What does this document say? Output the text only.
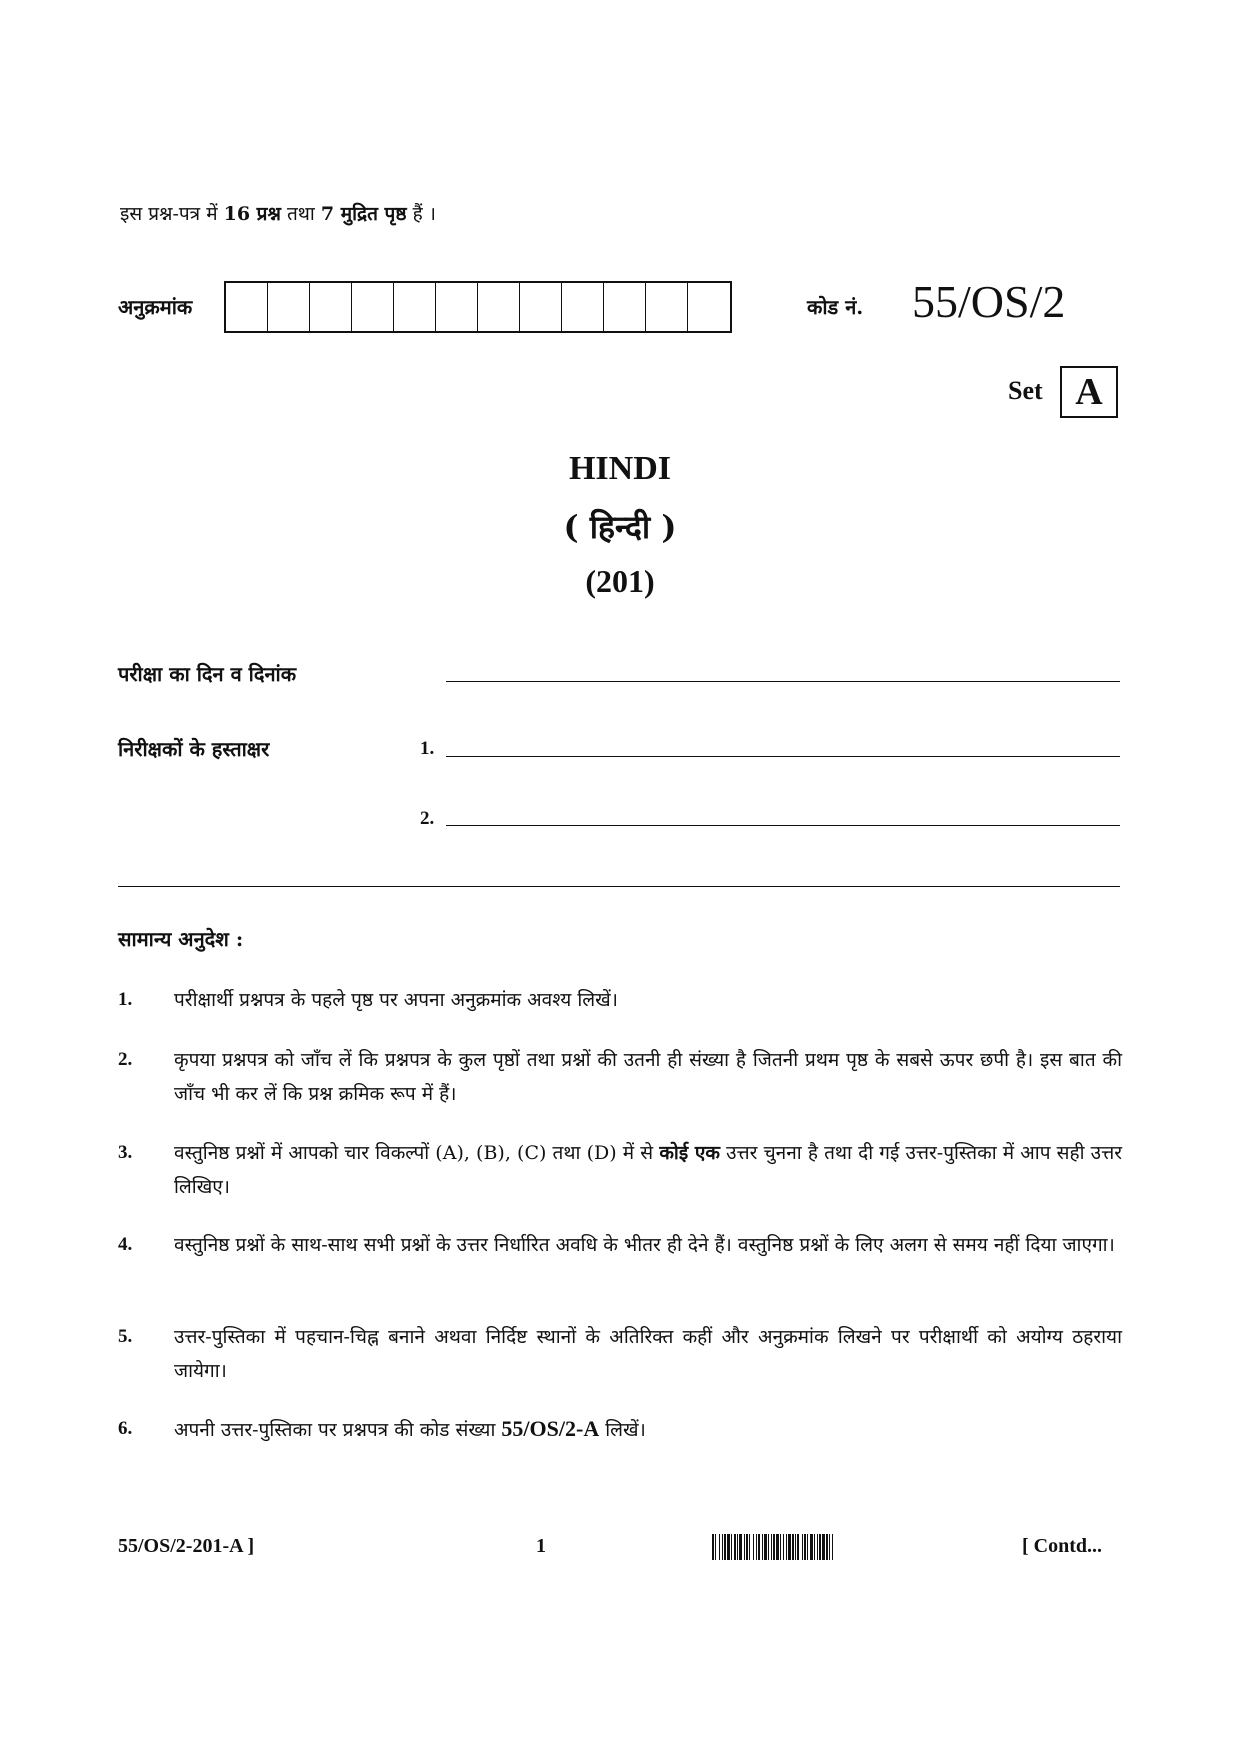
इस प्रश्न-पत्र में 16 प्रश्न तथा 7 मुद्रित पृष्ठ हैं ।
अनुक्रमांक	कोड नं. 55/OS/2
Set A
HINDI
( हिन्दी )
(201)
परीक्षा का दिन व दिनांक
निरीक्षकों के हस्ताक्षर	1.
2.
सामान्य अनुदेश :
1.	परीक्षार्थी प्रश्नपत्र के पहले पृष्ठ पर अपना अनुक्रमांक अवश्य लिखें।
2.	कृपया प्रश्नपत्र को जाँच लें कि प्रश्नपत्र के कुल पृष्ठों तथा प्रश्नों की उतनी ही संख्या है जितनी प्रथम पृष्ठ के सबसे ऊपर छपी है। इस बात की जाँच भी कर लें कि प्रश्न क्रमिक रूप में हैं।
3.	वस्तुनिष्ठ प्रश्नों में आपको चार विकल्पों (A), (B), (C) तथा (D) में से कोई एक उत्तर चुनना है तथा दी गई उत्तर-पुस्तिका में आप सही उत्तर लिखिए।
4.	वस्तुनिष्ठ प्रश्नों के साथ-साथ सभी प्रश्नों के उत्तर निर्धारित अवधि के भीतर ही देने हैं। वस्तुनिष्ठ प्रश्नों के लिए अलग से समय नहीं दिया जाएगा।
5.	उत्तर-पुस्तिका में पहचान-चिह्न बनाने अथवा निर्दिष्ट स्थानों के अतिरिक्त कहीं और अनुक्रमांक लिखने पर परीक्षार्थी को अयोग्य ठहराया जायेगा।
6.	अपनी उत्तर-पुस्तिका पर प्रश्नपत्र की कोड संख्या 55/OS/2-A लिखें।
55/OS/2-201-A ]	1	[ Contd...
